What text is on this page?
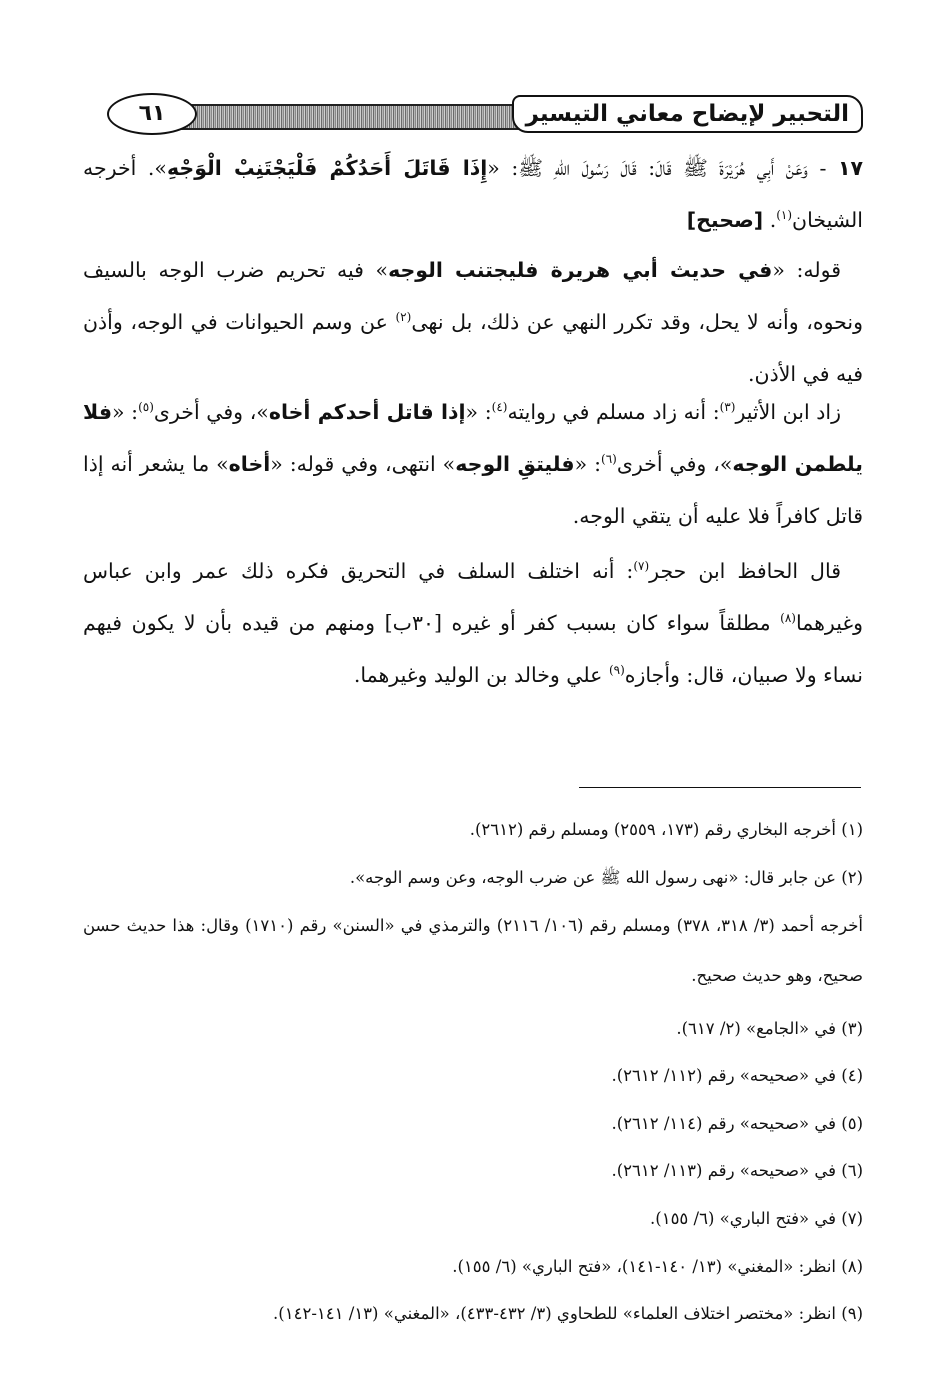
التحبير لإيضاح معاني التيسير
٦١
١٧ - وَعَنْ أَبِي هُرَيْرَةَ ﷺ قَالَ: قَالَ رَسُولَ اللهِ ﷺ: «إِذَا قَاتَلَ أَحَدُكُمْ فَلْيَجْتَنِبْ الْوَجْهِ». أخرجه الشيخان$^{(١)}$. [صحيح]
قوله: «في حديث أبي هريرة فليجتنب الوجه» فيه تحريم ضرب الوجه بالسيف ونحوه، وأنه لا يحل، وقد تكرر النهي عن ذلك، بل نهى$^{(٢)}$ عن وسم الحيوانات في الوجه، وأذن فيه في الأذن.
زاد ابن الأثير$^{(٣)}$: أنه زاد مسلم في روايته$^{(٤)}$: «إذا قاتل أحدكم أخاه»، وفي أخرى$^{(٥)}$: «فلا يلطمن الوجه»، وفي أخرى$^{(٦)}$: «فليتقِ الوجه» انتهى، وفي قوله: «أخاه» ما يشعر أنه إذا قاتل كافراً فلا عليه أن يتقي الوجه.
قال الحافظ ابن حجر$^{(٧)}$: أنه اختلف السلف في التحريق فكره ذلك عمر وابن عباس وغيرهما$^{(٨)}$ مطلقاً سواء كان بسبب كفر أو غيره [٣٠ب] ومنهم من قيده بأن لا يكون فيهم نساء ولا صبيان، قال: وأجازه$^{(٩)}$ علي وخالد بن الوليد وغيرهما.
(١) أخرجه البخاري رقم (١٧٣، ٢٥٥٩) ومسلم رقم (٢٦١٢).
(٢) عن جابر قال: «نهى رسول الله ﷺ عن ضرب الوجه، وعن وسم الوجه».
أخرجه أحمد (٣/ ٣١٨، ٣٧٨) ومسلم رقم (١٠٦/ ٢١١٦) والترمذي في «السنن» رقم (١٧١٠) وقال: هذا حديث حسن صحيح، وهو حديث صحيح.
(٣) في «الجامع» (٢/ ٦١٧).
(٤) في «صحيحه» رقم (١١٢/ ٢٦١٢).
(٥) في «صحيحه» رقم (١١٤/ ٢٦١٢).
(٦) في «صحيحه» رقم (١١٣/ ٢٦١٢).
(٧) في «فتح الباري» (٦/ ١٥٥).
(٨) انظر: «المغني» (١٣/ ١٤٠-١٤١)، «فتح الباري» (٦/ ١٥٥).
(٩) انظر: «مختصر اختلاف العلماء» للطحاوي (٣/ ٤٣٢-٤٣٣)، «المغني» (١٣/ ١٤١-١٤٢).
